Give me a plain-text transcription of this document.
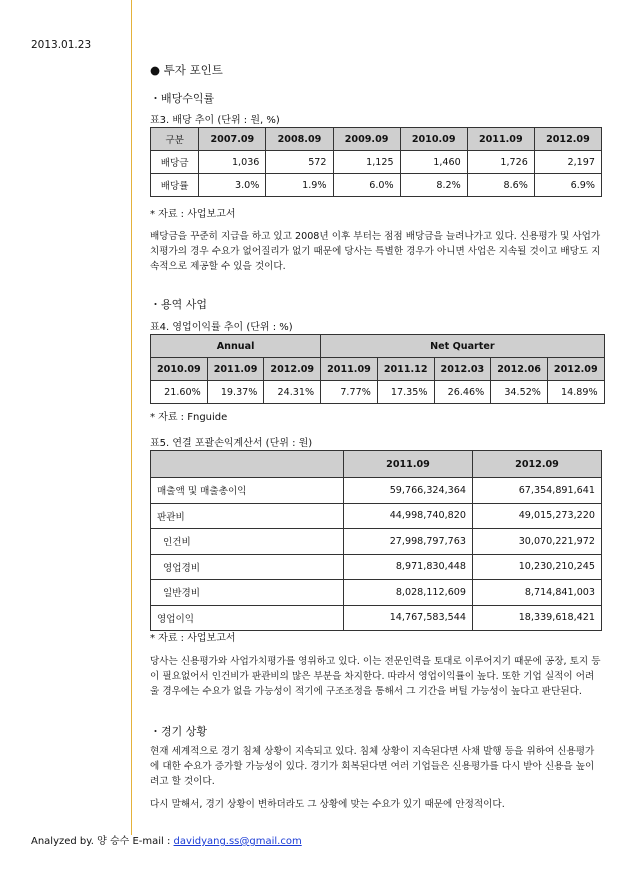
2013.01.23
● 투자 포인트
・배당수익률
표3. 배당 추이 (단위 : 원, %)
구분	2007.09	2008.09	2009.09	2010.09	2011.09	2012.09
배당금	1,036	572	1,125	1,460	1,726	2,197
배당률	3.0%	1.9%	6.0%	8.2%	8.6%	6.9%
* 자료 : 사업보고서
배당금을 꾸준히 지급을 하고 있고 2008년 이후 부터는 점점 배당금을 늘려나가고 있다. 신용평가 및 사업가치평가의 경우 수요가 없어질리가 없기 때문에 당사는 특별한 경우가 아니면 사업은 지속될 것이고 배당도 지속적으로 제공할 수 있을 것이다.
・용역 사업
표4. 영업이익률 추이 (단위 : %)
Annual			Net Quarter				
2010.09	2011.09	2012.09	2011.09	2011.12	2012.03	2012.06	2012.09
21.60%	19.37%	24.31%	7.77%	17.35%	26.46%	34.52%	14.89%
* 자료 : Fnguide
표5. 연결 포괄손익계산서 (단위 : 원)
	2011.09	2012.09
매출액 및 매출총이익	59,766,324,364	67,354,891,641
판관비	44,998,740,820	49,015,273,220
인건비	27,998,797,763	30,070,221,972
영업경비	8,971,830,448	10,230,210,245
일반경비	8,028,112,609	8,714,841,003
영업이익	14,767,583,544	18,339,618,421
* 자료 : 사업보고서
당사는 신용평가와 사업가치평가를 영위하고 있다. 이는 전문인력을 토대로 이루어지기 때문에 공장, 토지 등이 필요없어서 인건비가 판관비의 많은 부분을 차지한다. 따라서 영업이익률이 높다. 또한 기업 실적이 어려울 경우에는 수요가 없을 가능성이 적기에 구조조정을 통해서 그 기간을 버틸 가능성이 높다고 판단된다.
・경기 상황
현재 세계적으로 경기 침체 상황이 지속되고 있다. 침체 상황이 지속된다면 사채 발행 등을 위하여 신용평가에 대한 수요가 증가할 가능성이 있다. 경기가 회복된다면 여러 기업들은 신용평가를 다시 받아 신용을 높이려고 할 것이다.
다시 말해서, 경기 상황이 변하더라도 그 상황에 맞는 수요가 있기 때문에 안정적이다.
Analyzed by. 양 승수 E-mail : davidyang.ss@gmail.com
